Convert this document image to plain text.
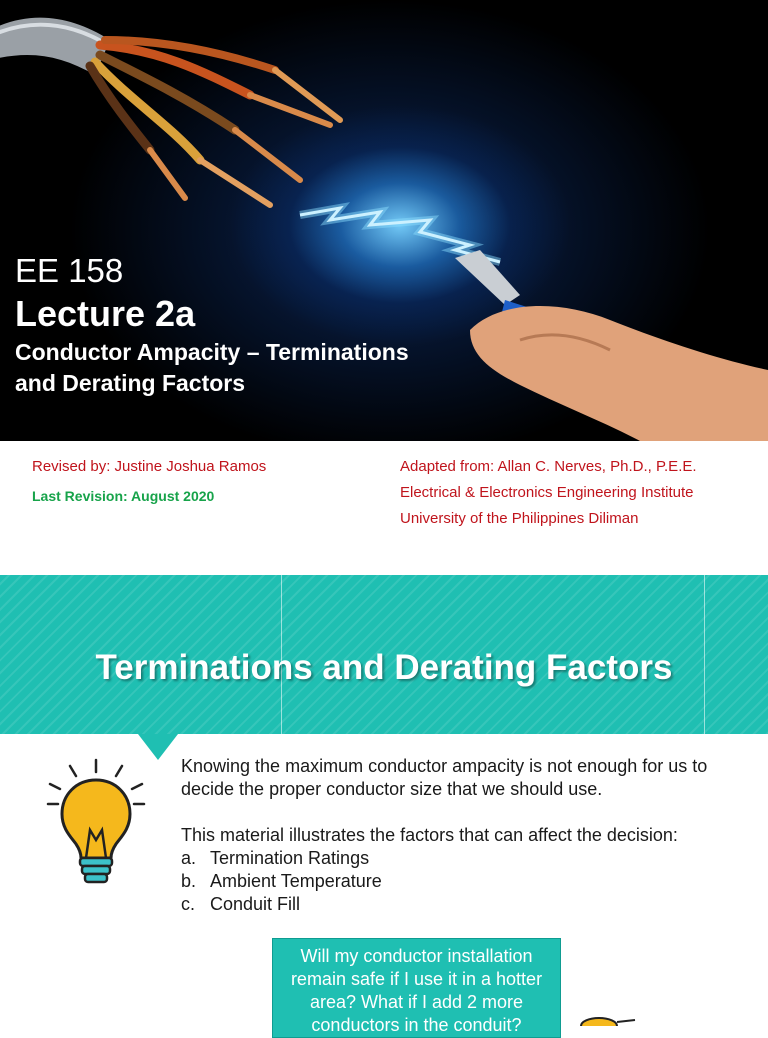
EE 158
Lecture 2a
Conductor Ampacity – Terminations
and Derating Factors
Revised by: Justine Joshua Ramos
Last Revision: August 2020
Adapted from: Allan C. Nerves, Ph.D., P.E.E.
Electrical & Electronics Engineering Institute
University of the Philippines Diliman
Terminations and Derating Factors

Knowing the maximum conductor ampacity is not enough for us to decide the proper conductor size that we should use.

This material illustrates the factors that can affect the decision:

a. Termination Ratings
b. Ambient Temperature
c. Conduit Fill
Will my conductor installation remain safe if I use it in a hotter area? What if I add 2 more conductors in the conduit?
